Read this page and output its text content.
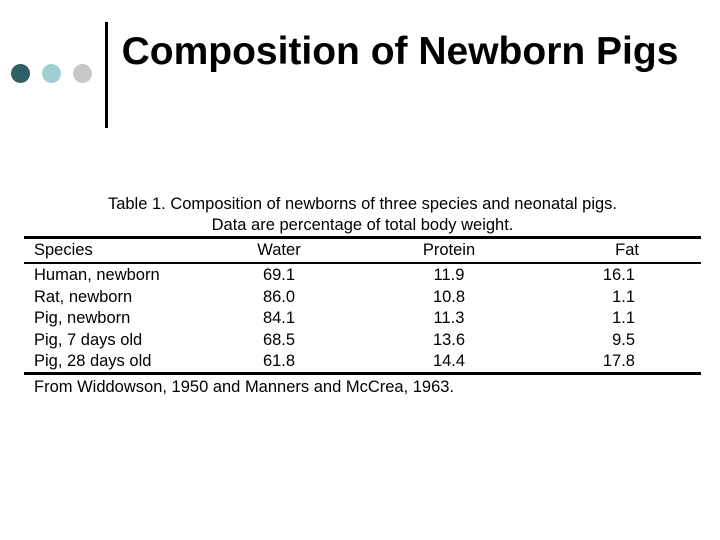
Composition of Newborn Pigs
Table 1. Composition of newborns of three species and neonatal pigs.
Data are percentage of total body weight.
Species	Water	Protein	Fat
Human, newborn	69.1	11.9	16.1
Rat, newborn	86.0	10.8	1.1
Pig, newborn	84.1	11.3	1.1
Pig, 7 days old	68.5	13.6	9.5
Pig, 28 days old	61.8	14.4	17.8
From Widdowson, 1950 and Manners and McCrea, 1963.
